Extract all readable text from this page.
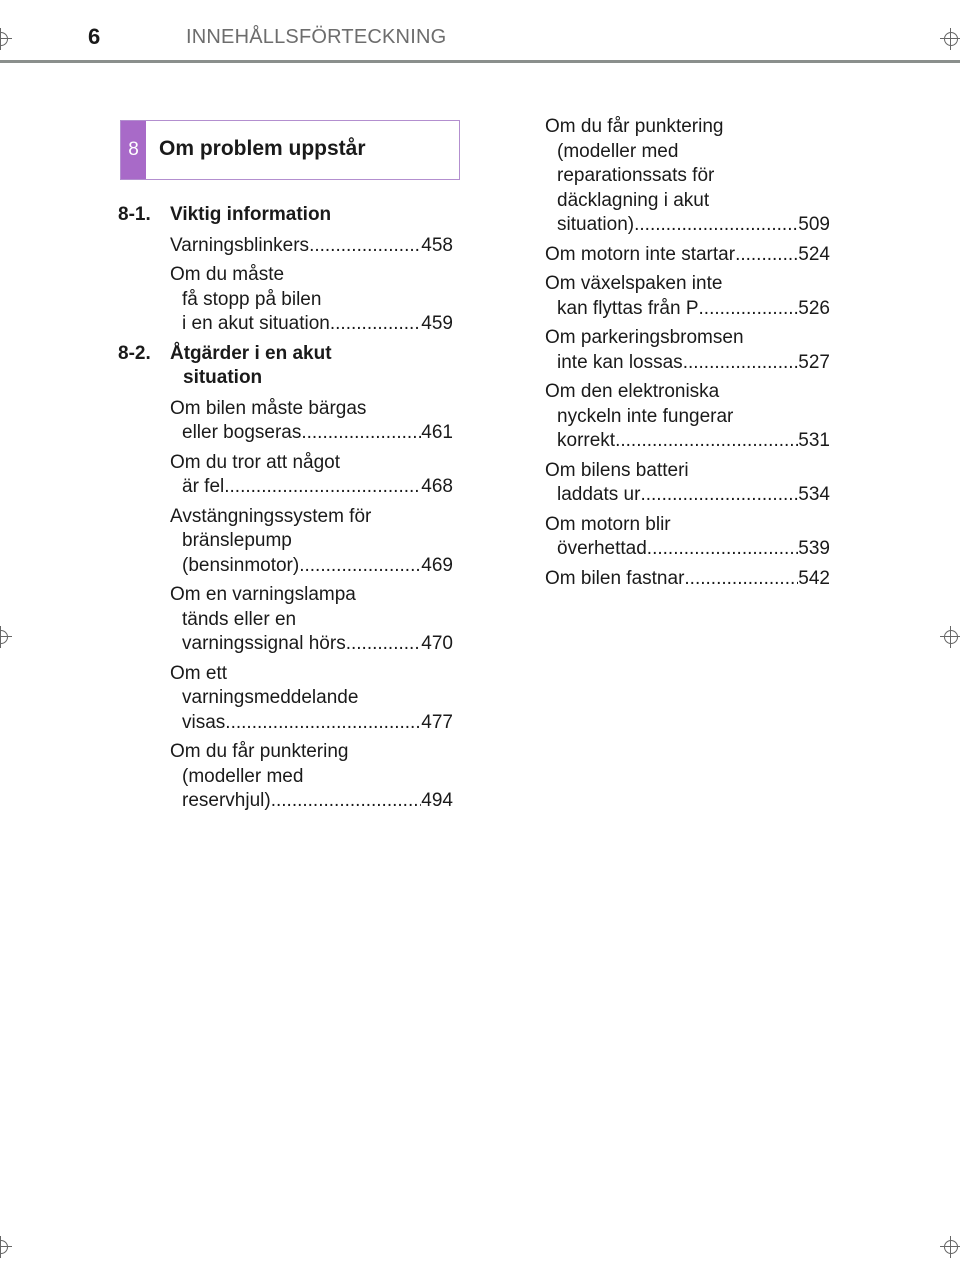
6	INNEHÅLLSFÖRTECKNING
8 Om problem uppstår
8-1. Viktig information
Varningsblinkers .....	458
Om du måste
få stopp på bilen
i en akut situation .....	459
8-2. Åtgärder i en akut
situation
Om bilen måste bärgas
eller bogseras .....	461
Om du tror att något
är fel .....	468
Avstängningssystem för
bränslepump
(bensinmotor) .....	469
Om en varningslampa
tänds eller en
varningssignal hörs .....	470
Om ett
varningsmeddelande
visas .....	477
Om du får punktering
(modeller med
reservhjul) .....	494
Om du får punktering
(modeller med
reparationssats för
däcklagning i akut
situation) .....	509
Om motorn inte startar .....	524
Om växelspaken inte
kan flyttas från P .....	526
Om parkeringsbromsen
inte kan lossas .....	527
Om den elektroniska
nyckeln inte fungerar
korrekt .....	531
Om bilens batteri
laddats ur .....	534
Om motorn blir
överhettad .....	539
Om bilen fastnar .....	542
